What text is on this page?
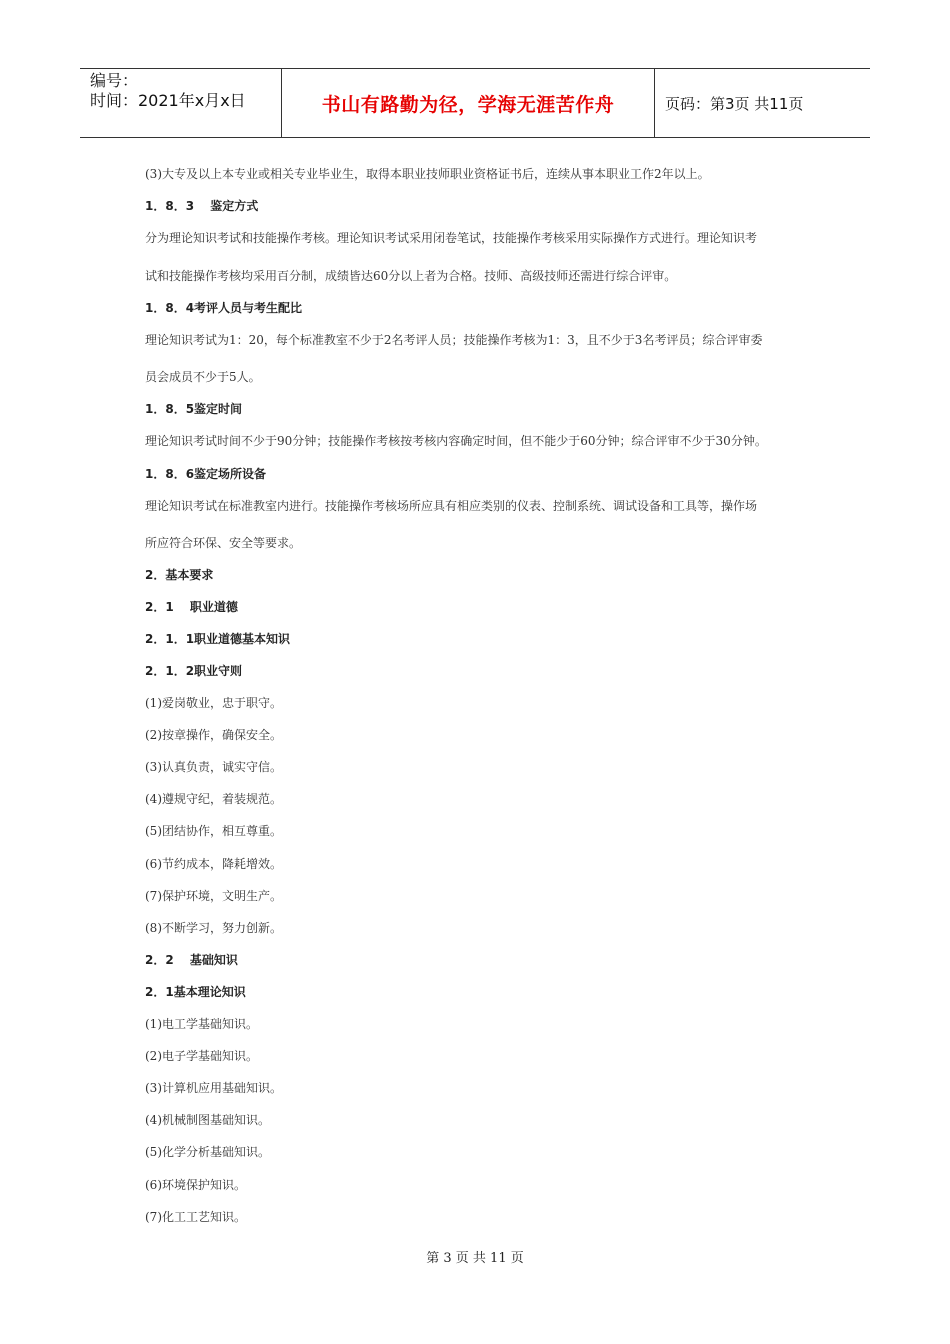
编号：
时间：2021年x月x日	书山有路勤为径，学海无涯苦作舟	页码：第3页 共11页
(3)大专及以上本专业或相关专业毕业生，取得本职业技师职业资格证书后，连续从事本职业工作2年以上。
1．8．3　 鉴定方式
分为理论知识考试和技能操作考核。理论知识考试采用闭卷笔试，技能操作考核采用实际操作方式进行。理论知识考
试和技能操作考核均采用百分制，成绩皆达60分以上者为合格。技师、高级技师还需进行综合评审。
1．8．4考评人员与考生配比
理论知识考试为1：20，每个标准教室不少于2名考评人员；技能操作考核为1：3，且不少于3名考评员；综合评审委
员会成员不少于5人。
1．8．5鉴定时间
理论知识考试时间不少于90分钟；技能操作考核按考核内容确定时间，但不能少于60分钟；综合评审不少于30分钟。
1．8．6鉴定场所设备
理论知识考试在标准教室内进行。技能操作考核场所应具有相应类别的仪表、控制系统、调试设备和工具等，操作场
所应符合环保、安全等要求。
2．基本要求
2．1　 职业道德
2．1．1职业道德基本知识
2．1．2职业守则
(1)爱岗敬业，忠于职守。
(2)按章操作，确保安全。
(3)认真负责，诚实守信。
(4)遵规守纪，着装规范。
(5)团结协作，相互尊重。
(6)节约成本，降耗增效。
(7)保护环境，文明生产。
(8)不断学习，努力创新。
2．2　 基础知识
2．1基本理论知识
(1)电工学基础知识。
(2)电子学基础知识。
(3)计算机应用基础知识。
(4)机械制图基础知识。
(5)化学分析基础知识。
(6)环境保护知识。
(7)化工工艺知识。
第 3 页 共 11 页
